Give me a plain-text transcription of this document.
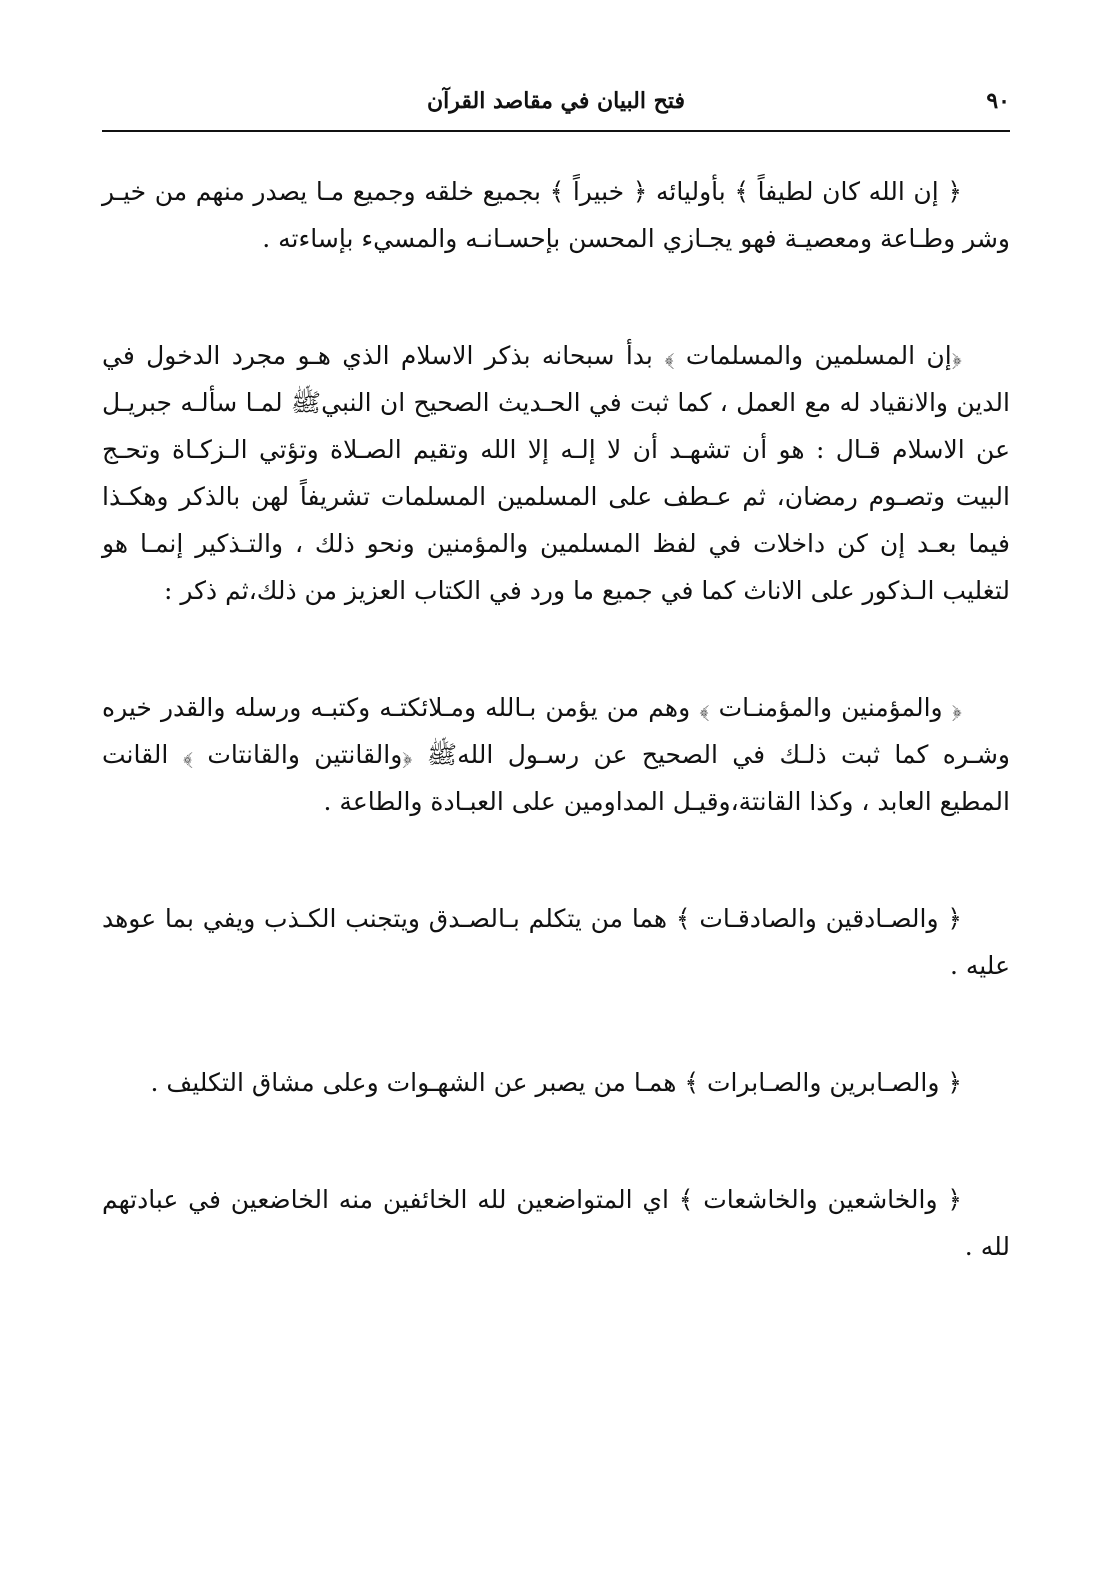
٩٠
فتح البيان في مقاصد القرآن

﴿ إن الله كان لطيفاً ﴾ بأوليائه ﴿ خبيراً ﴾ بجميع خلقه وجميع مـا يصدر منهم من خيـر وشر وطـاعة ومعصيـة فهو يجـازي المحسن بإحسـانـه والمسيء بإساءته .

﴿إن المسلمين والمسلمات ﴾ بدأ سبحانه بذكر الاسلام الذي هـو مجرد الدخول في الدين والانقياد له مع العمل ، كما ثبت في الحـديث الصحيح ان النبيﷺ لمـا سألـه جبريـل عن الاسلام قـال : هو أن تشهـد أن لا إلـه إلا الله وتقيم الصـلاة وتؤتي الـزكـاة وتحـج البيت وتصـوم رمضان، ثم عـطف على المسلمين المسلمات تشريفاً لهن بالذكر وهكـذا فيما بعـد إن كن داخلات في لفظ المسلمين والمؤمنين ونحو ذلك ، والتـذكير إنمـا هو لتغليب الـذكور على الاناث كما في جميع ما ورد في الكتاب العزيز من ذلك،ثم ذكر :

﴿ والمؤمنين والمؤمنـات ﴾ وهم من يؤمن بـالله ومـلائكتـه وكتبـه ورسله والقدر خيره وشـره كما ثبت ذلـك في الصحيح عن رسـول اللهﷺ ﴿والقانتين والقانتات ﴾ القانت المطيع العابد ، وكذا القانتة،وقيـل المداومين على العبـادة والطاعة .

﴿ والصـادقين والصادقـات ﴾ هما من يتكلم بـالصـدق ويتجنب الكـذب ويفي بما عوهد عليه .

﴿ والصـابرين والصـابرات ﴾ همـا من يصبر عن الشهـوات وعلى مشاق التكليف .

﴿ والخاشعين والخاشعات ﴾ اي المتواضعين لله الخائفين منه الخاضعين في عبادتهم لله .
